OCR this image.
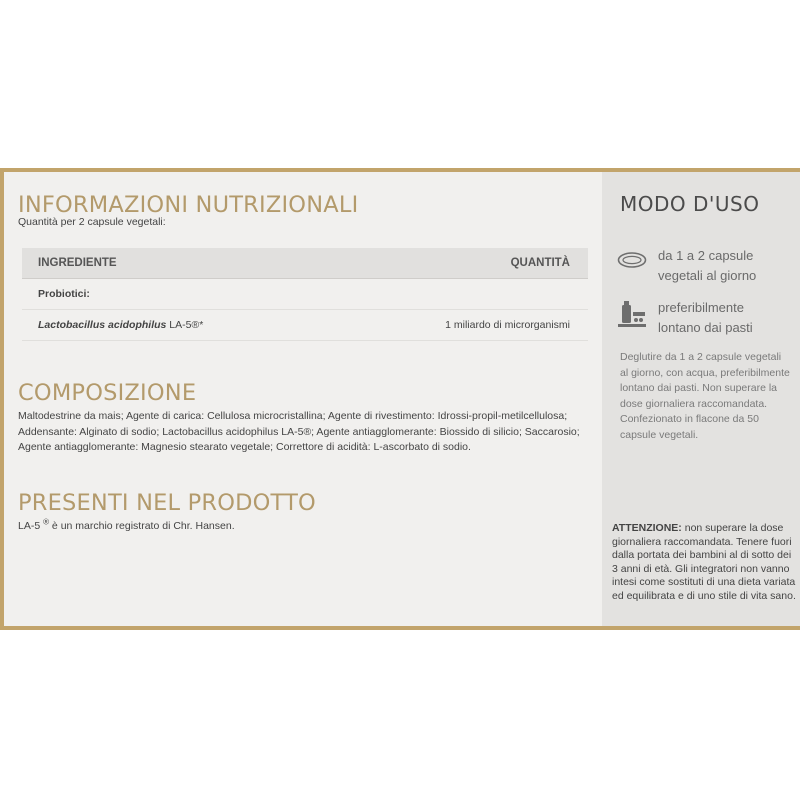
INFORMAZIONI NUTRIZIONALI
Quantità per 2 capsule vegetali:
INGREDIENTE	QUANTITÀ
Probiotici:
Lactobacillus acidophilus LA-5®*	1 miliardo di microrganismi
COMPOSIZIONE
Maltodestrine da mais; Agente di carica: Cellulosa microcristallina; Agente di rivestimento: Idrossi-propil-metilcellulosa; Addensante: Alginato di sodio; Lactobacillus acidophilus LA-5®; Agente antiagglomerante: Biossido di silicio; Saccarosio; Agente antiagglomerante: Magnesio stearato vegetale; Correttore di acidità: L-ascorbato di sodio.
PRESENTI NEL PRODOTTO
LA-5 ® è un marchio registrato di Chr. Hansen.
MODO D'USO
da 1 a 2 capsule
vegetali al giorno
preferibilmente
lontano dai pasti
Deglutire da 1 a 2 capsule vegetali al giorno, con acqua, preferibilmente lontano dai pasti. Non superare la dose giornaliera raccomandata. Confezionato in flacone da 50 capsule vegetali.
ATTENZIONE: non superare la dose giornaliera raccomandata. Tenere fuori dalla portata dei bambini al di sotto dei 3 anni di età. Gli integratori non vanno intesi come sostituti di una dieta variata ed equilibrata e di uno stile di vita sano.
